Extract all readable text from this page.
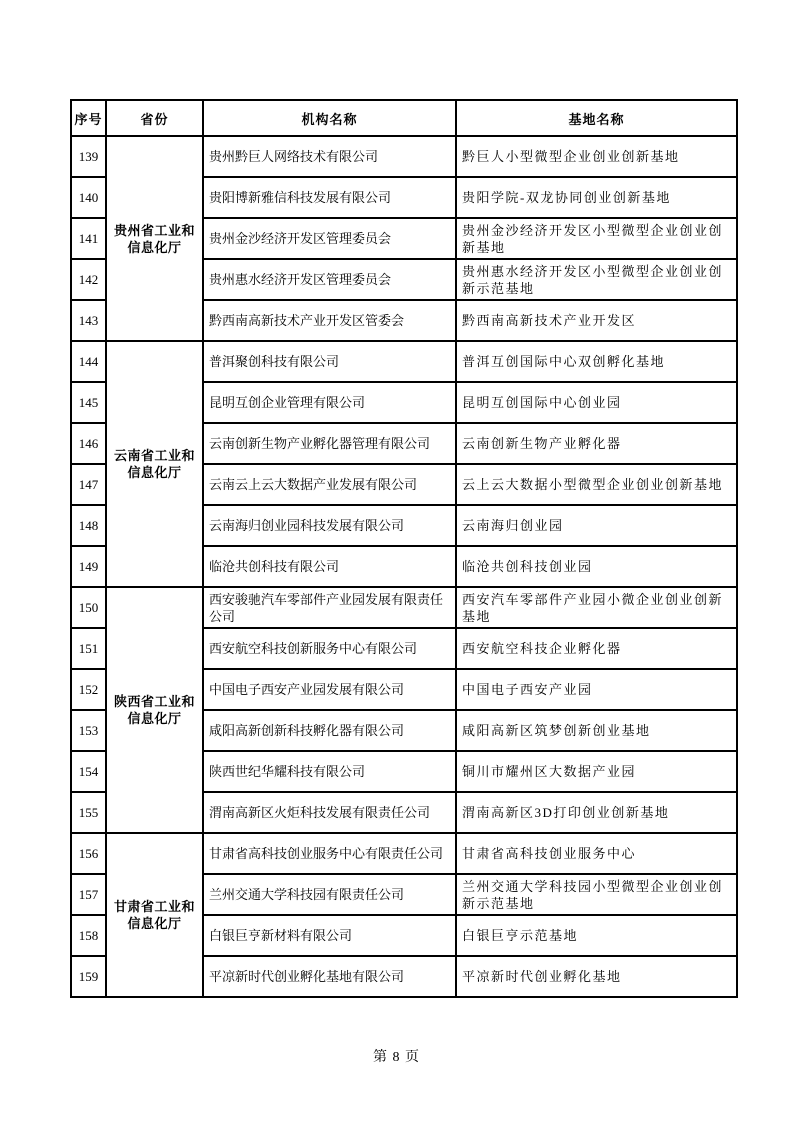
序号	省份	机构名称	基地名称
139	贵州省工业和信息化厅	贵州黔巨人网络技术有限公司	黔巨人小型微型企业创业创新基地
140		贵阳博新雅信科技发展有限公司	贵阳学院-双龙协同创业创新基地
141		贵州金沙经济开发区管理委员会	贵州金沙经济开发区小型微型企业创业创新基地
142		贵州惠水经济开发区管理委员会	贵州惠水经济开发区小型微型企业创业创新示范基地
143		黔西南高新技术产业开发区管委会	黔西南高新技术产业开发区
144	云南省工业和信息化厅	普洱聚创科技有限公司	普洱互创国际中心双创孵化基地
145		昆明互创企业管理有限公司	昆明互创国际中心创业园
146		云南创新生物产业孵化器管理有限公司	云南创新生物产业孵化器
147		云南云上云大数据产业发展有限公司	云上云大数据小型微型企业创业创新基地
148		云南海归创业园科技发展有限公司	云南海归创业园
149		临沧共创科技有限公司	临沧共创科技创业园
150	陕西省工业和信息化厅	西安骏驰汽车零部件产业园发展有限责任公司	西安汽车零部件产业园小微企业创业创新基地
151		西安航空科技创新服务中心有限公司	西安航空科技企业孵化器
152		中国电子西安产业园发展有限公司	中国电子西安产业园
153		咸阳高新创新科技孵化器有限公司	咸阳高新区筑梦创新创业基地
154		陕西世纪华耀科技有限公司	铜川市耀州区大数据产业园
155		渭南高新区火炬科技发展有限责任公司	渭南高新区3D打印创业创新基地
156	甘肃省工业和信息化厅	甘肃省高科技创业服务中心有限责任公司	甘肃省高科技创业服务中心
157		兰州交通大学科技园有限责任公司	兰州交通大学科技园小型微型企业创业创新示范基地
158		白银巨亨新材料有限公司	白银巨亨示范基地
159		平凉新时代创业孵化基地有限公司	平凉新时代创业孵化基地
第 8 页
